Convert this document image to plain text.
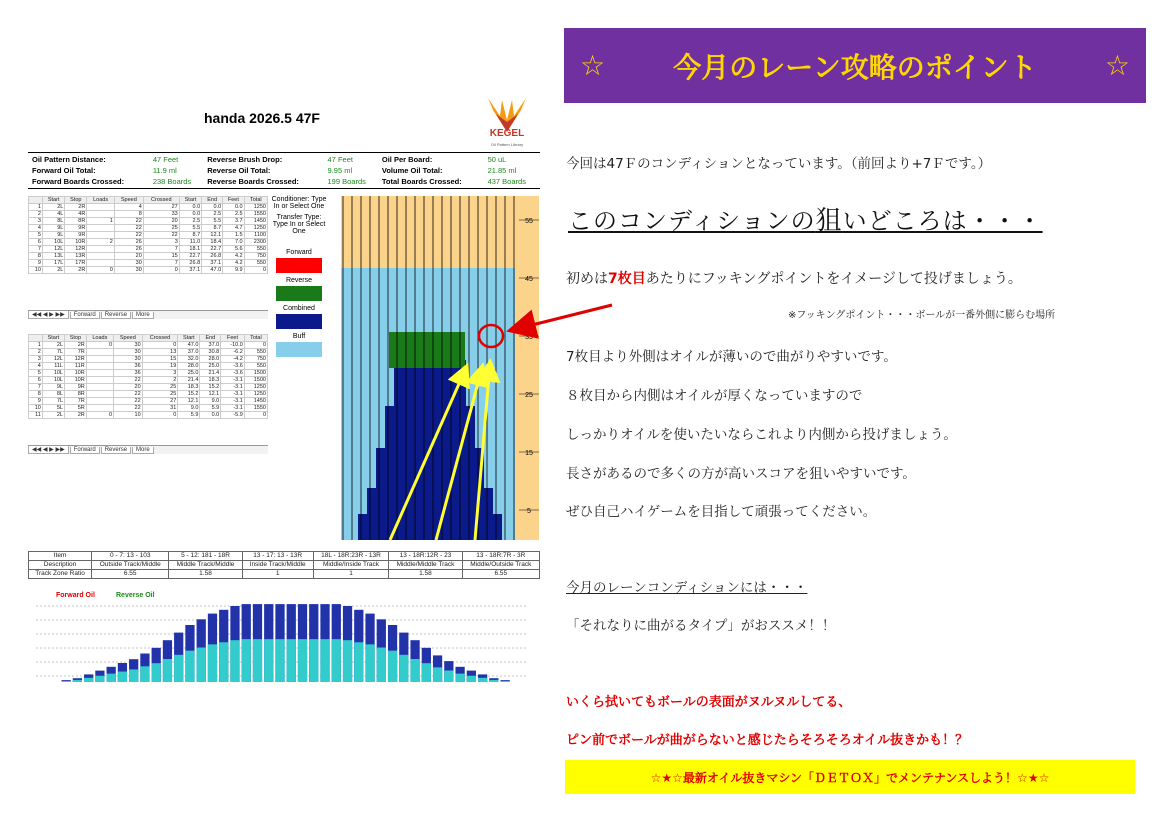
handa 2026.5 47F
KEGEL
Oil Pattern Library
Oil Pattern Distance:	47 Feet	Reverse Brush Drop:	47 Feet	Oil Per Board:	50 uL
Forward Oil Total:	11.9 ml	Reverse Oil Total:	9.95 ml	Volume Oil Total:	21.85 ml
Forward Boards Crossed:	238 Boards	Reverse Boards Crossed:	199 Boards	Total Boards Crossed:	437 Boards
	Start	Stop	Loads	Speed	Crossed	Start	End	Feet	Total
1	2L	2R		4	27	0.0	0.0	0.0	1250
2	4L	4R		8	33	0.0	2.5	2.5	1550
3	8L	8R	1	22	20	2.5	5.5	3.7	1450
4	9L	9R		22	25	5.5	8.7	4.7	1250
5	9L	9R		22	22	8.7	12.1	1.5	1100
6	10L	10R	2	26	3	11.0	18.4	7.0	2300
7	12L	12R		26	7	18.1	22.7	5.6	550
8	13L	13R		20	15	22.7	26.8	4.2	750
9	17L	17R		30	7	26.8	37.1	4.2	550
10	2L	2R	0	30	0	37.1	47.0	9.9	0
◀◀ ◀ ▶ ▶▶ Forward Reverse More
	Start	Stop	Loads	Speed	Crossed	Start	End	Feet	Total
1	2L	2R	0	30	0	47.0	37.0	-10.0	0
2	7L	7R		30	13	37.0	30.8	-6.2	550
3	12L	12R		30	15	32.0	28.0	-4.2	750
4	11L	11R		36	19	28.0	25.0	-3.6	550
5	10L	10R		36	3	25.0	21.4	-3.6	1500
6	10L	10R		22	2	21.4	18.3	-3.1	1500
7	9L	9R		20	25	18.3	15.2	-3.1	1250
8	8L	8R		22	25	15.2	12.1	-3.1	1250
9	7L	7R		22	27	12.1	9.0	-3.1	1450
10	5L	5R		22	31	9.0	5.9	-3.1	1550
11	2L	2R	0	10	0	5.9	0.0	-5.9	0
◀◀ ◀ ▶ ▶▶ Forward Reverse More
Conditioner: Type In or Select One
Transfer Type: Type In or Select One
Forward
Reverse
Combined
Buff
55
45
35
25
15
5
Item	0 - 7: 13 - 103	5 - 12: 181 - 18R	13 - 17: 13 - 13R	18L - 18R:23R - 13R	13 - 18R:12R - 23	13 - 18R:7R - 3R
Description	Outside Track/Middle	Middle Track/Middle	Inside Track/Middle	Middle/Inside Track	Middle/Middle Track	Middle/Outside Track
Track Zone Ratio	6.55	1.58	1	1	1.58	6.55
Forward Oil	Reverse Oil
☆ 今月のレーン攻略のポイント ☆
今回は47Ｆのコンディションとなっています。（前回より+7Ｆです。）
このコンディションの狙いどころは・・・
初めは7枚目あたりにフッキングポイントをイメージして投げましょう。
※フッキングポイント・・・ボールが一番外側に膨らむ場所
7枚目より外側はオイルが薄いので曲がりやすいです。
８枚目から内側はオイルが厚くなっていますので
しっかりオイルを使いたいならこれより内側から投げましょう。
長さがあるので多くの方が高いスコアを狙いやすいです。
ぜひ自己ハイゲームを目指して頑張ってください。
今月のレーンコンディションには・・・
「それなりに曲がるタイプ」がおススメ！！
いくら拭いてもボールの表面がヌルヌルしてる、
ピン前でボールが曲がらないと感じたらそろそろオイル抜きかも！？
☆★☆最新オイル抜きマシン「ＤＥＴＯＸ」でメンテナンスしよう！☆★☆
